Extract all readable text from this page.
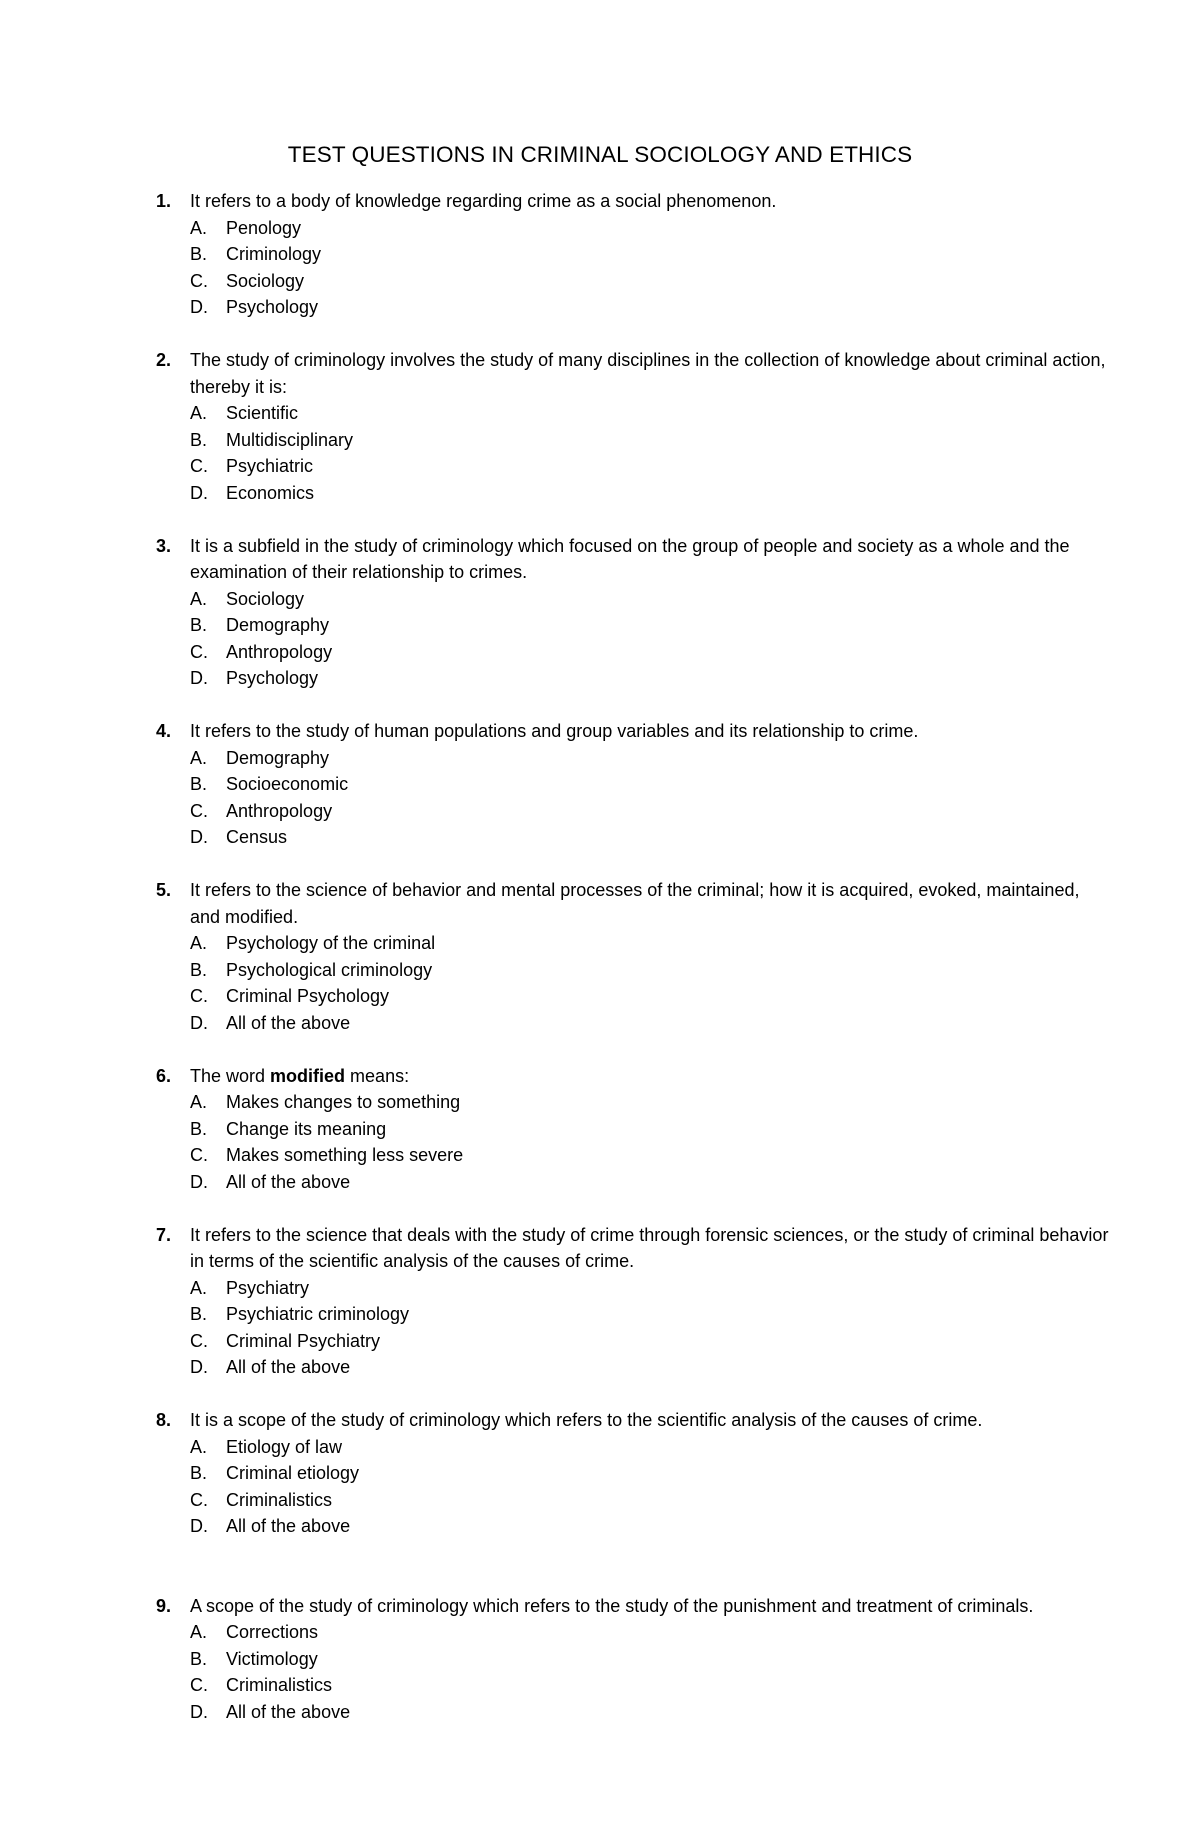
TEST QUESTIONS IN CRIMINAL SOCIOLOGY AND ETHICS
1. It refers to a body of knowledge regarding crime as a social phenomenon.
A. Penology
B. Criminology
C. Sociology
D. Psychology
2. The study of criminology involves the study of many disciplines in the collection of knowledge about criminal action, thereby it is:
A. Scientific
B. Multidisciplinary
C. Psychiatric
D. Economics
3. It is a subfield in the study of criminology which focused on the group of people and society as a whole and the examination of their relationship to crimes.
A. Sociology
B. Demography
C. Anthropology
D. Psychology
4. It refers to the study of human populations and group variables and its relationship to crime.
A. Demography
B. Socioeconomic
C. Anthropology
D. Census
5. It refers to the science of behavior and mental processes of the criminal; how it is acquired, evoked, maintained, and modified.
A. Psychology of the criminal
B. Psychological criminology
C. Criminal Psychology
D. All of the above
6. The word modified means:
A. Makes changes to something
B. Change its meaning
C. Makes something less severe
D. All of the above
7. It refers to the science that deals with the study of crime through forensic sciences, or the study of criminal behavior in terms of the scientific analysis of the causes of crime.
A. Psychiatry
B. Psychiatric criminology
C. Criminal Psychiatry
D. All of the above
8. It is a scope of the study of criminology which refers to the scientific analysis of the causes of crime.
A. Etiology of law
B. Criminal etiology
C. Criminalistics
D. All of the above
9. A scope of the study of criminology which refers to the study of the punishment and treatment of criminals.
A. Corrections
B. Victimology
C. Criminalistics
D. All of the above
